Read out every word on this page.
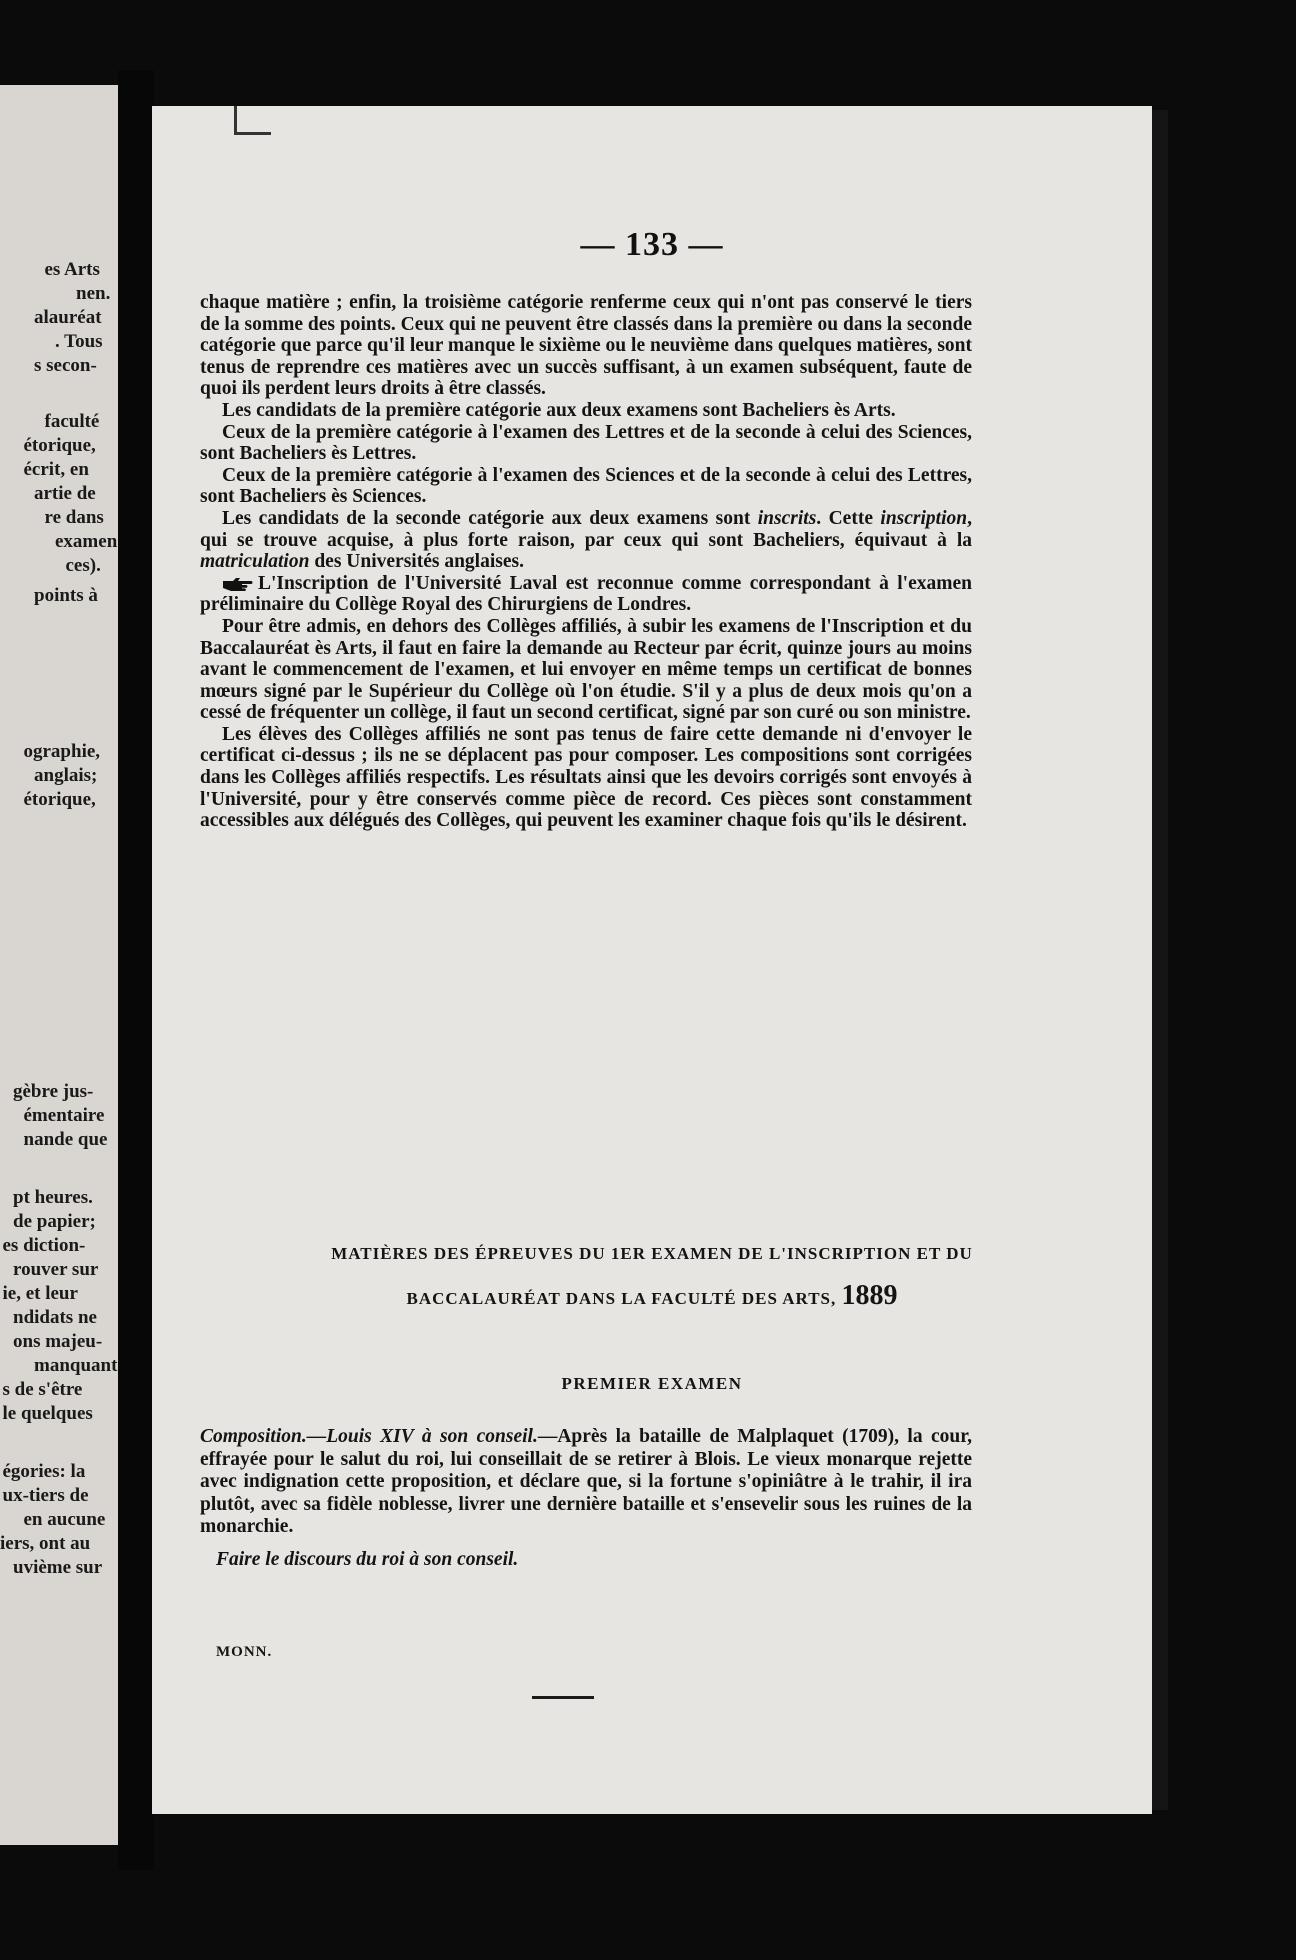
es Arts
nen.
alauréat
. Tous
s secon-
faculté
étorique,
écrit, en
artie de
re dans
examen
ces).
points à
ographie,
anglais;
étorique,
gèbre jus-
émentaire
nande que
pt heures.
de papier;
es diction-
rouver sur
ie, et leur
ndidats ne
ons majeu-
manquant
s de s'être
le quelques
égories: la
ux-tiers de
en aucune
iers, ont au
uvième sur
— 133 —

chaque matière ; enfin, la troisième catégorie renferme ceux qui n'ont pas conservé le tiers de la somme des points. Ceux qui ne peuvent être classés dans la première ou dans la seconde catégorie que parce qu'il leur manque le sixième ou le neuvième dans quelques matières, sont tenus de reprendre ces matières avec un succès suffisant, à un examen subséquent, faute de quoi ils perdent leurs droits à être classés.

Les candidats de la première catégorie aux deux examens sont Bacheliers ès Arts.

Ceux de la première catégorie à l'examen des Lettres et de la seconde à celui des Sciences, sont Bacheliers ès Lettres.

Ceux de la première catégorie à l'examen des Sciences et de la seconde à celui des Lettres, sont Bacheliers ès Sciences.

Les candidats de la seconde catégorie aux deux examens sont inscrits. Cette inscription, qui se trouve acquise, à plus forte raison, par ceux qui sont Bacheliers, équivaut à la matriculation des Universités anglaises.

L'Inscription de l'Université Laval est reconnue comme correspondant à l'examen préliminaire du Collège Royal des Chirurgiens de Londres.

Pour être admis, en dehors des Collèges affiliés, à subir les examens de l'Inscription et du Baccalauréat ès Arts, il faut en faire la demande au Recteur par écrit, quinze jours au moins avant le commencement de l'examen, et lui envoyer en même temps un certificat de bonnes mœurs signé par le Supérieur du Collège où l'on étudie. S'il y a plus de deux mois qu'on a cessé de fréquenter un collège, il faut un second certificat, signé par son curé ou son ministre.

Les élèves des Collèges affiliés ne sont pas tenus de faire cette demande ni d'envoyer le certificat ci-dessus ; ils ne se déplacent pas pour composer. Les compositions sont corrigées dans les Collèges affiliés respectifs. Les résultats ainsi que les devoirs corrigés sont envoyés à l'Université, pour y être conservés comme pièce de record. Ces pièces sont constamment accessibles aux délégués des Collèges, qui peuvent les examiner chaque fois qu'ils le désirent.

MATIÈRES DES ÉPREUVES DU 1ER EXAMEN DE L'INSCRIPTION ET DU
BACCALAURÉAT DANS LA FACULTÉ DES ARTS, 1889
PREMIER EXAMEN

Composition.—Louis XIV à son conseil.—Après la bataille de Malplaquet (1709), la cour, effrayée pour le salut du roi, lui conseillait de se retirer à Blois. Le vieux monarque rejette avec indignation cette proposition, et déclare que, si la fortune s'opiniâtre à le trahir, il ira plutôt, avec sa fidèle noblesse, livrer une dernière bataille et s'ensevelir sous les ruines de la monarchie.

Faire le discours du roi à son conseil.

MONN.
